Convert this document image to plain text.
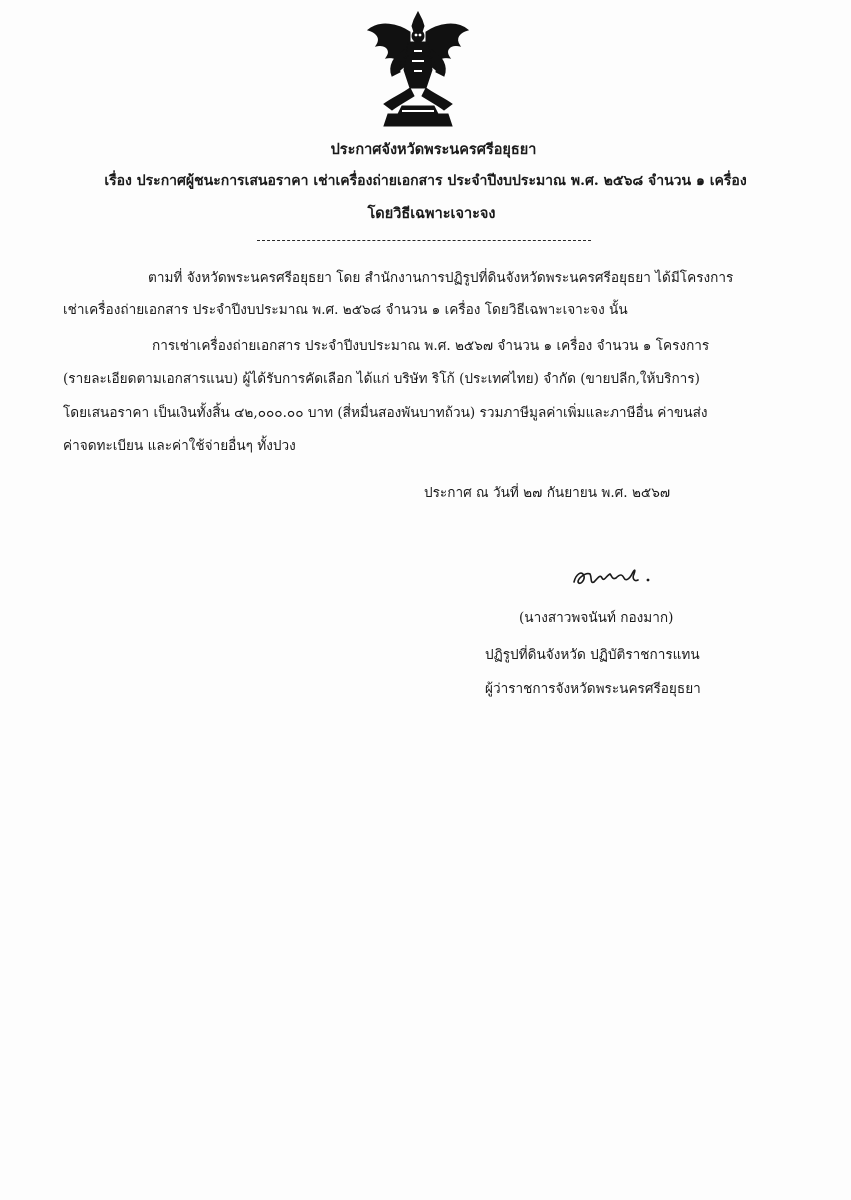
ประกาศจังหวัดพระนครศรีอยุธยา
เรื่อง ประกาศผู้ชนะการเสนอราคา เช่าเครื่องถ่ายเอกสาร ประจำปีงบประมาณ พ.ศ. ๒๕๖๘ จำนวน ๑ เครื่อง
โดยวิธีเฉพาะเจาะจง
ตามที่ จังหวัดพระนครศรีอยุธยา โดย สำนักงานการปฏิรูปที่ดินจังหวัดพระนครศรีอยุธยา ได้มีโครงการ
เช่าเครื่องถ่ายเอกสาร ประจำปีงบประมาณ พ.ศ. ๒๕๖๘ จำนวน ๑ เครื่อง โดยวิธีเฉพาะเจาะจง นั้น
การเช่าเครื่องถ่ายเอกสาร ประจำปีงบประมาณ พ.ศ. ๒๕๖๗ จำนวน ๑ เครื่อง จำนวน ๑ โครงการ
(รายละเอียดตามเอกสารแนบ) ผู้ได้รับการคัดเลือก ได้แก่ บริษัท ริโก้ (ประเทศไทย) จำกัด (ขายปลีก,ให้บริการ)
โดยเสนอราคา เป็นเงินทั้งสิ้น ๔๒,๐๐๐.๐๐ บาท (สี่หมื่นสองพันบาทถ้วน) รวมภาษีมูลค่าเพิ่มและภาษีอื่น ค่าขนส่ง
ค่าจดทะเบียน และค่าใช้จ่ายอื่นๆ ทั้งปวง
ประกาศ ณ วันที่ ๒๗ กันยายน พ.ศ. ๒๕๖๗
(นางสาวพจนันท์ กองมาก)
ปฏิรูปที่ดินจังหวัด ปฏิบัติราชการแทน
ผู้ว่าราชการจังหวัดพระนครศรีอยุธยา
